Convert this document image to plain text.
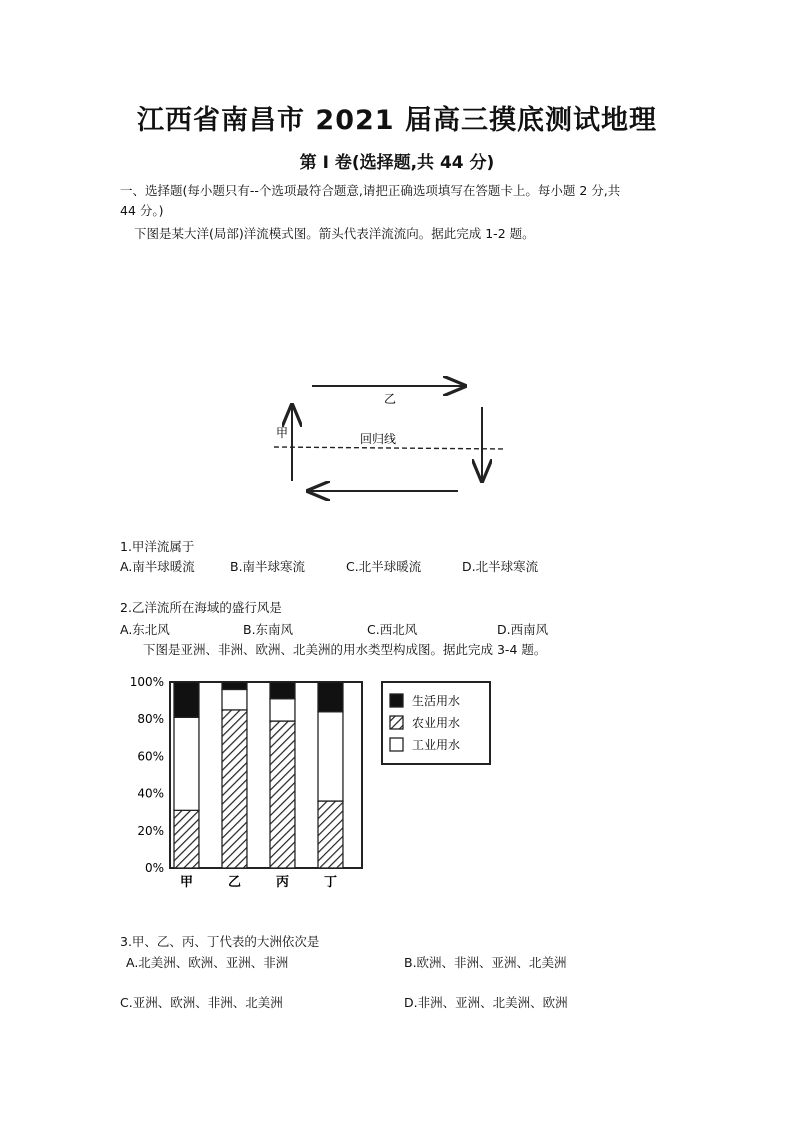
江西省南昌市 2021 届高三摸底测试地理
第 I 卷(选择题,共 44 分)
一、选择题(每小题只有--个选项最符合题意,请把正确选项填写在答题卡上。每小题 2 分,共
44 分。)
下图是某大洋(局部)洋流模式图。箭头代表洋流流向。据此完成 1-2 题。
乙
甲	回归线
1.甲洋流属于
A.南半球暖流	B.南半球寒流	C.北半球暖流	D.北半球寒流
2.乙洋流所在海域的盛行风是
A.东北风	B.东南风	C.西北风	D.西南风
下图是亚洲、非洲、欧洲、北美洲的用水类型构成图。据此完成 3-4 题。
0%
20%
40%
60%
80%
100%
甲	乙	丙	丁
生活用水
农业用水
工业用水
3.甲、乙、丙、丁代表的大洲依次是
A.北美洲、欧洲、亚洲、非洲	B.欧洲、非洲、亚洲、北美洲
C.亚洲、欧洲、非洲、北美洲	D.非洲、亚洲、北美洲、欧洲
